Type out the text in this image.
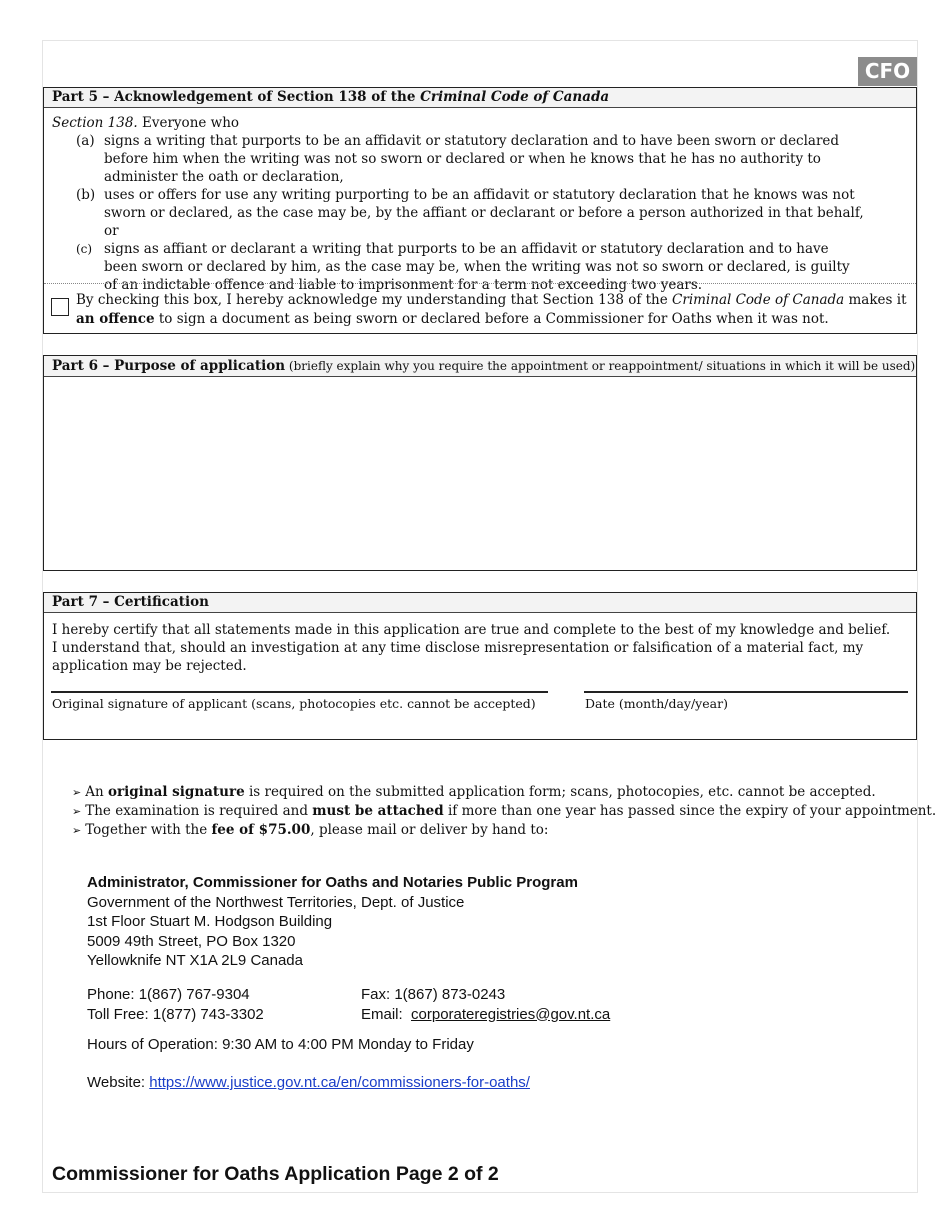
CFO
Part 5 – Acknowledgement of Section 138 of the Criminal Code of Canada
Section 138. Everyone who
(a) signs a writing that purports to be an affidavit or statutory declaration and to have been sworn or declared before him when the writing was not so sworn or declared or when he knows that he has no authority to administer the oath or declaration,
(b) uses or offers for use any writing purporting to be an affidavit or statutory declaration that he knows was not sworn or declared, as the case may be, by the affiant or declarant or before a person authorized in that behalf, or
(c) signs as affiant or declarant a writing that purports to be an affidavit or statutory declaration and to have been sworn or declared by him, as the case may be, when the writing was not so sworn or declared, is guilty of an indictable offence and liable to imprisonment for a term not exceeding two years.
By checking this box, I hereby acknowledge my understanding that Section 138 of the Criminal Code of Canada makes it an offence to sign a document as being sworn or declared before a Commissioner for Oaths when it was not.
Part 6 – Purpose of application (briefly explain why you require the appointment or reappointment/ situations in which it will be used)
Part 7 – Certification
I hereby certify that all statements made in this application are true and complete to the best of my knowledge and belief.
I understand that, should an investigation at any time disclose misrepresentation or falsification of a material fact, my application may be rejected.
Original signature of applicant (scans, photocopies etc. cannot be accepted)	Date (month/day/year)
➢ An original signature is required on the submitted application form; scans, photocopies, etc. cannot be accepted.
➢ The examination is required and must be attached if more than one year has passed since the expiry of your appointment.
➢ Together with the fee of $75.00, please mail or deliver by hand to:
Administrator, Commissioner for Oaths and Notaries Public Program
Government of the Northwest Territories, Dept. of Justice
1st Floor Stuart M. Hodgson Building
5009 49th Street, PO Box 1320
Yellowknife NT X1A 2L9 Canada
Phone: 1(867) 767-9304
Toll Free: 1(877) 743-3302
Fax: 1(867) 873-0243
Email:  corporateregistries@gov.nt.ca
Hours of Operation: 9:30 AM to 4:00 PM Monday to Friday
Website: https://www.justice.gov.nt.ca/en/commissioners-for-oaths/
Commissioner for Oaths Application Page 2 of 2
